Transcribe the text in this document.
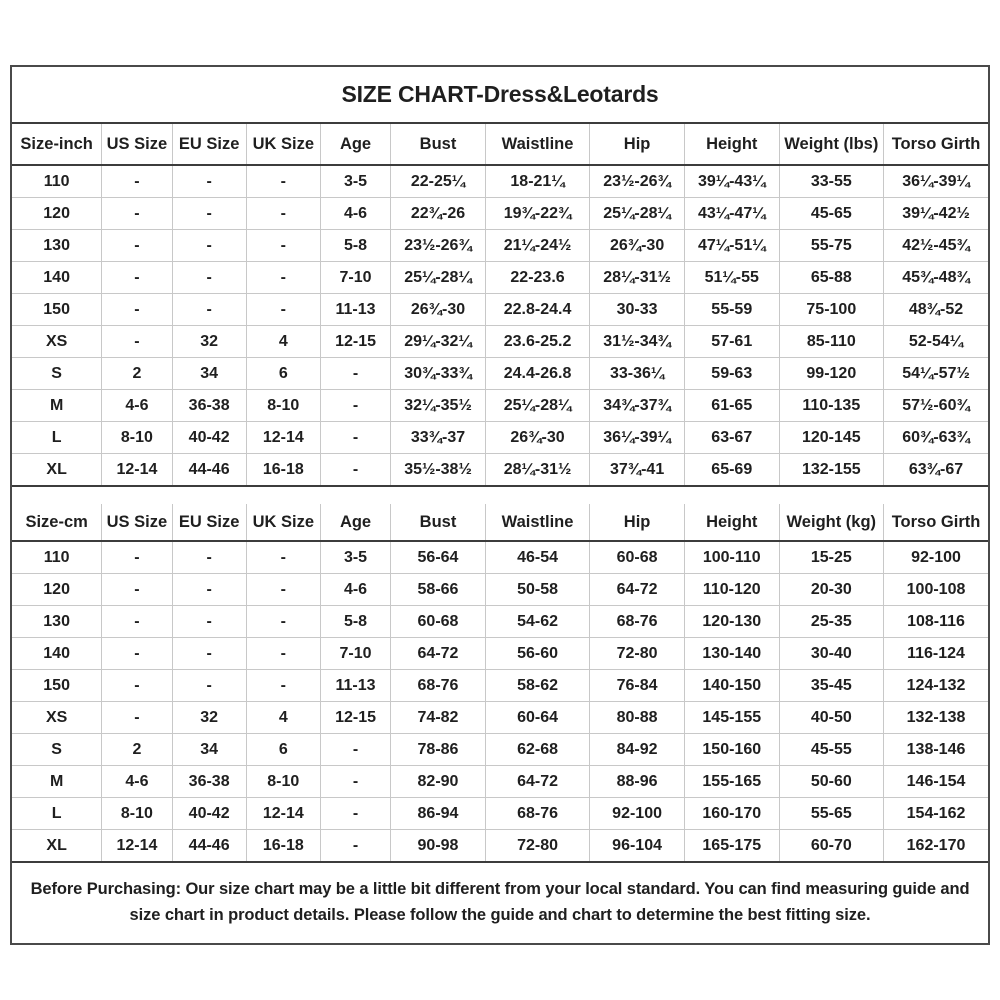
SIZE CHART-Dress&Leotards
Size-inch	US Size	EU Size	UK Size	Age	Bust	Waistline	Hip	Height	Weight (lbs)	Torso Girth
110	-	-	-	3-5	22-25¼	18-21¼	23½-26¾	39¼-43¼	33-55	36¼-39¼
120	-	-	-	4-6	22¾-26	19¾-22¾	25¼-28¼	43¼-47¼	45-65	39¼-42½
130	-	-	-	5-8	23½-26¾	21¼-24½	26¾-30	47¼-51¼	55-75	42½-45¾
140	-	-	-	7-10	25¼-28¼	22-23.6	28¼-31½	51¼-55	65-88	45¾-48¾
150	-	-	-	11-13	26¾-30	22.8-24.4	30-33	55-59	75-100	48¾-52
XS	-	32	4	12-15	29¼-32¼	23.6-25.2	31½-34¾	57-61	85-110	52-54¼
S	2	34	6	-	30¾-33¾	24.4-26.8	33-36¼	59-63	99-120	54¼-57½
M	4-6	36-38	8-10	-	32¼-35½	25¼-28¼	34¾-37¾	61-65	110-135	57½-60¾
L	8-10	40-42	12-14	-	33¾-37	26¾-30	36¼-39¼	63-67	120-145	60¾-63¾
XL	12-14	44-46	16-18	-	35½-38½	28¼-31½	37¾-41	65-69	132-155	63¾-67
Size-cm	US Size	EU Size	UK Size	Age	Bust	Waistline	Hip	Height	Weight (kg)	Torso Girth
110	-	-	-	3-5	56-64	46-54	60-68	100-110	15-25	92-100
120	-	-	-	4-6	58-66	50-58	64-72	110-120	20-30	100-108
130	-	-	-	5-8	60-68	54-62	68-76	120-130	25-35	108-116
140	-	-	-	7-10	64-72	56-60	72-80	130-140	30-40	116-124
150	-	-	-	11-13	68-76	58-62	76-84	140-150	35-45	124-132
XS	-	32	4	12-15	74-82	60-64	80-88	145-155	40-50	132-138
S	2	34	6	-	78-86	62-68	84-92	150-160	45-55	138-146
M	4-6	36-38	8-10	-	82-90	64-72	88-96	155-165	50-60	146-154
L	8-10	40-42	12-14	-	86-94	68-76	92-100	160-170	55-65	154-162
XL	12-14	44-46	16-18	-	90-98	72-80	96-104	165-175	60-70	162-170
Before Purchasing: Our size chart may be a little bit different from your local standard. You can find measuring guide and size chart in product details. Please follow the guide and chart to determine the best fitting size.
